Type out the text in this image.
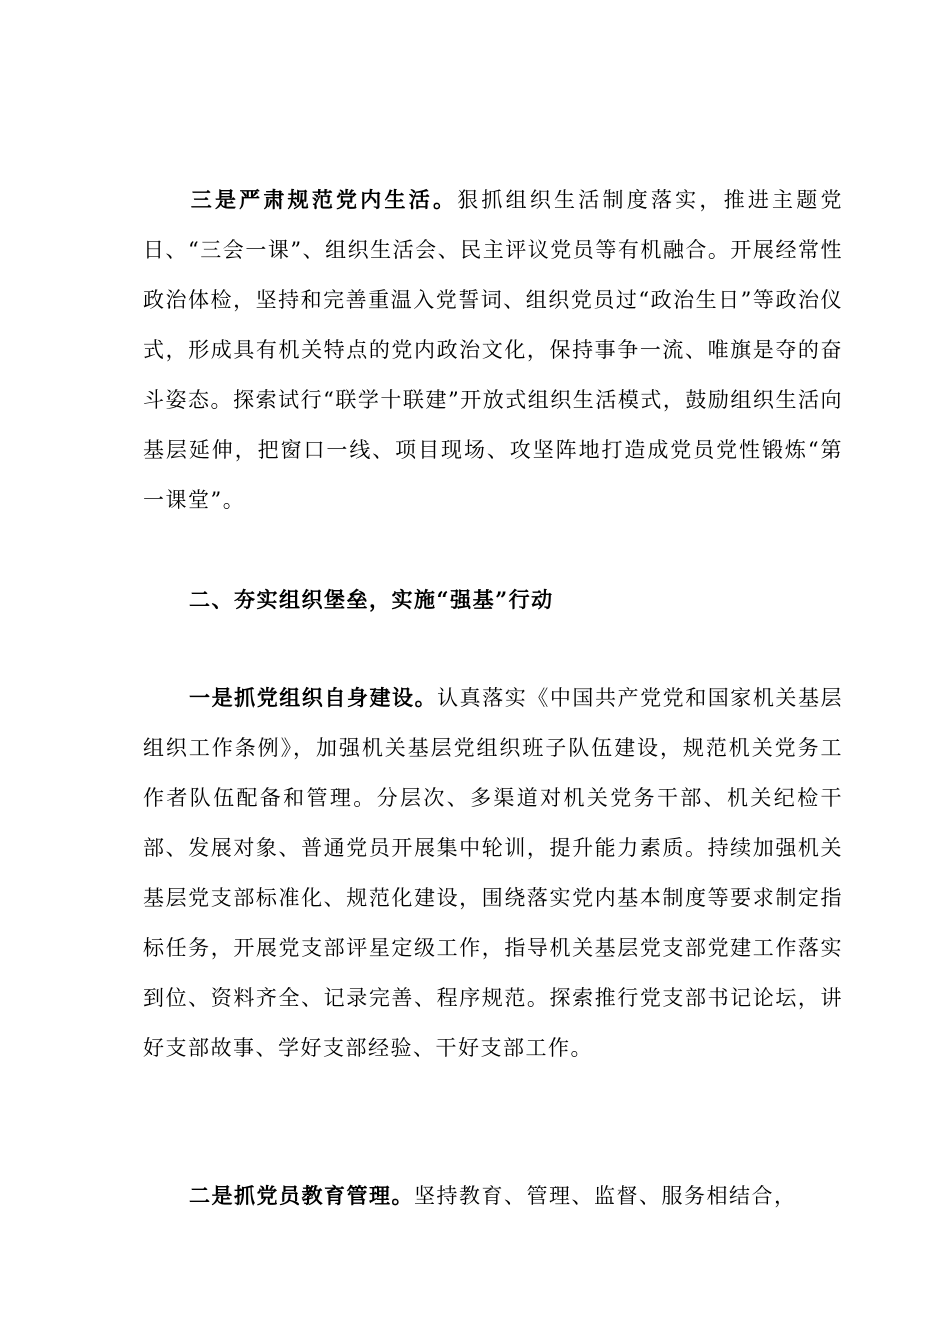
三是严肃规范党内生活。狠抓组织生活制度落实，推进主题党日、“三会一课”、组织生活会、民主评议党员等有机融合。开展经常性政治体检，坚持和完善重温入党誓词、组织党员过“政治生日”等政治仪式，形成具有机关特点的党内政治文化，保持事争一流、唯旗是夺的奋斗姿态。探索试行“联学十联建”开放式组织生活模式，鼓励组织生活向基层延伸，把窗口一线、项目现场、攻坚阵地打造成党员党性锻炼“第一课堂”。

二、夯实组织堡垒，实施“强基”行动

一是抓党组织自身建设。认真落实《中国共产党党和国家机关基层组织工作条例》，加强机关基层党组织班子队伍建设，规范机关党务工作者队伍配备和管理。分层次、多渠道对机关党务干部、机关纪检干部、发展对象、普通党员开展集中轮训，提升能力素质。持续加强机关基层党支部标准化、规范化建设，围绕落实党内基本制度等要求制定指标任务，开展党支部评星定级工作，指导机关基层党支部党建工作落实到位、资料齐全、记录完善、程序规范。探索推行党支部书记论坛，讲好支部故事、学好支部经验、干好支部工作。

二是抓党员教育管理。坚持教育、管理、监督、服务相结合，
